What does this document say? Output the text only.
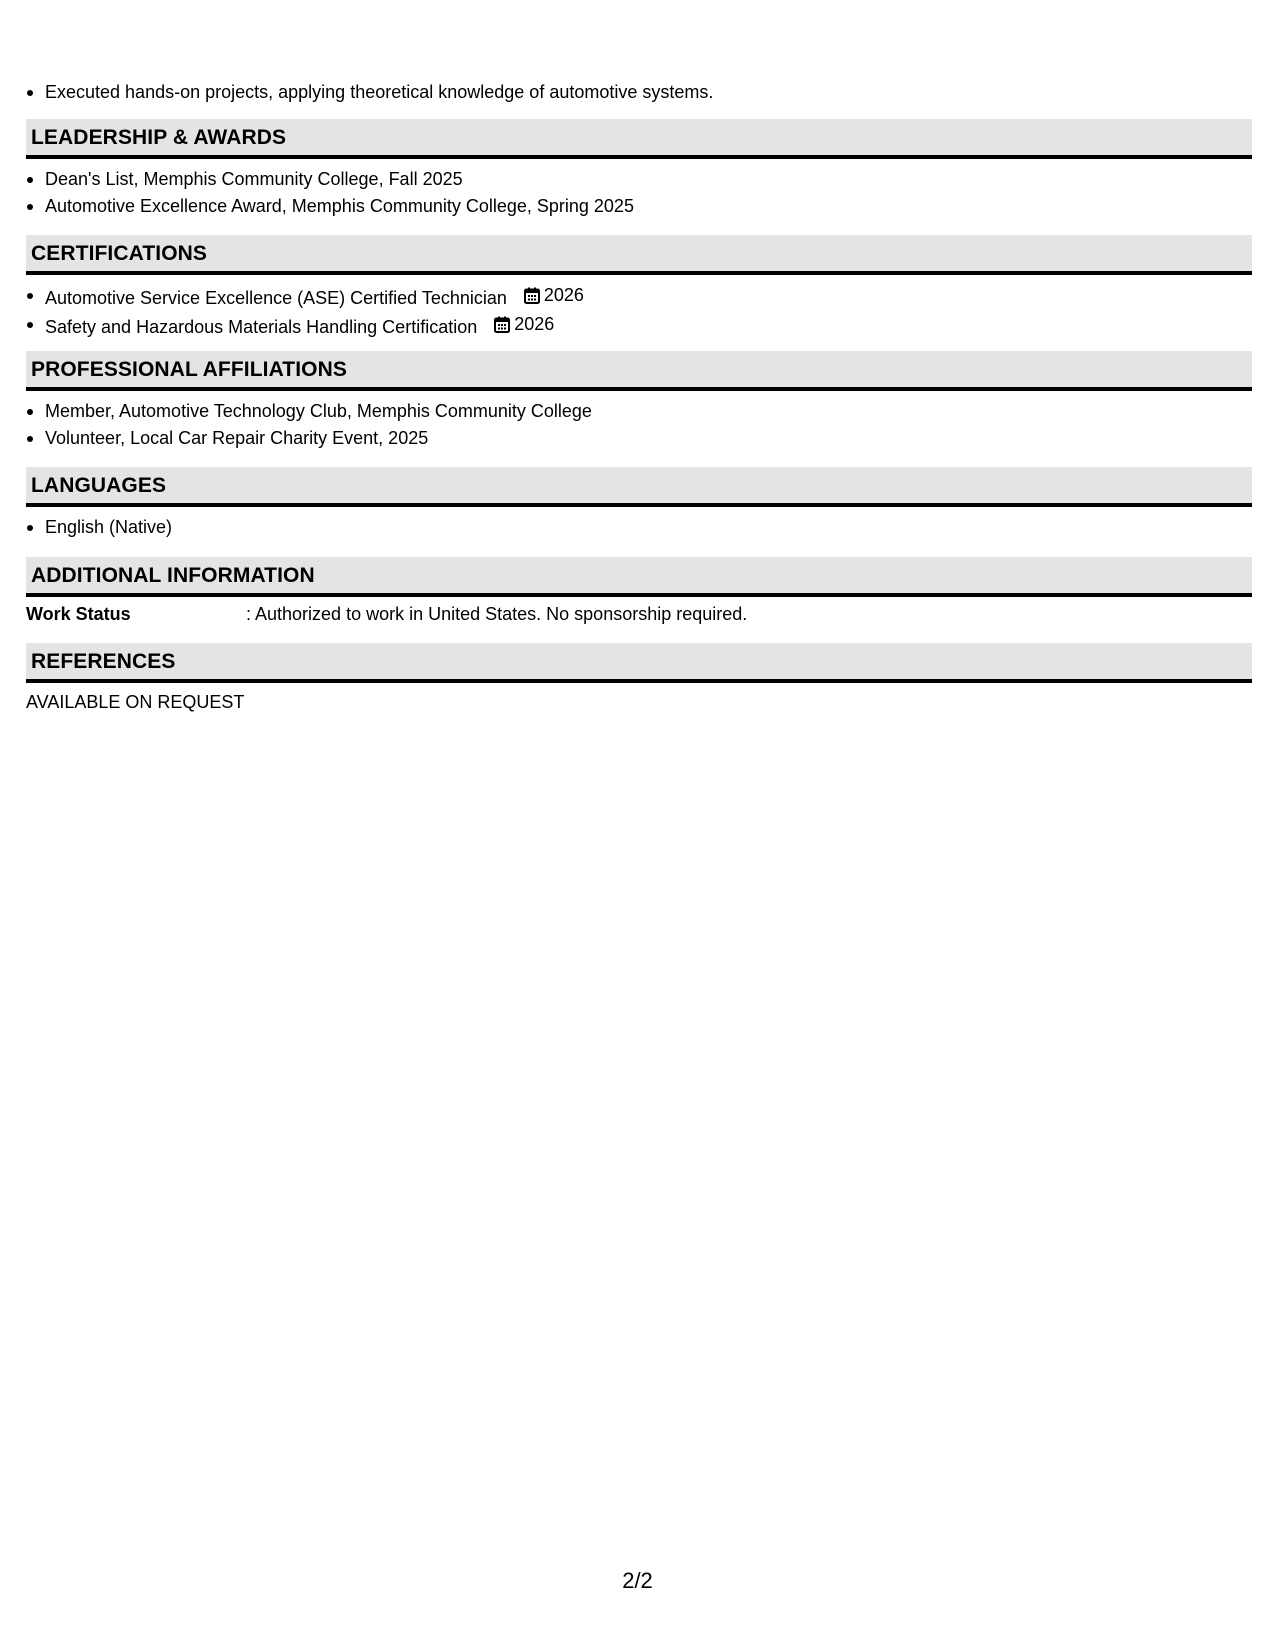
Executed hands-on projects, applying theoretical knowledge of automotive systems.
LEADERSHIP & AWARDS
Dean's List, Memphis Community College, Fall 2025
Automotive Excellence Award, Memphis Community College, Spring 2025
CERTIFICATIONS
Automotive Service Excellence (ASE) Certified Technician 2026
Safety and Hazardous Materials Handling Certification 2026
PROFESSIONAL AFFILIATIONS
Member, Automotive Technology Club, Memphis Community College
Volunteer, Local Car Repair Charity Event, 2025
LANGUAGES
English (Native)
ADDITIONAL INFORMATION
Work Status	: Authorized to work in United States. No sponsorship required.
REFERENCES
AVAILABLE ON REQUEST
2/2
